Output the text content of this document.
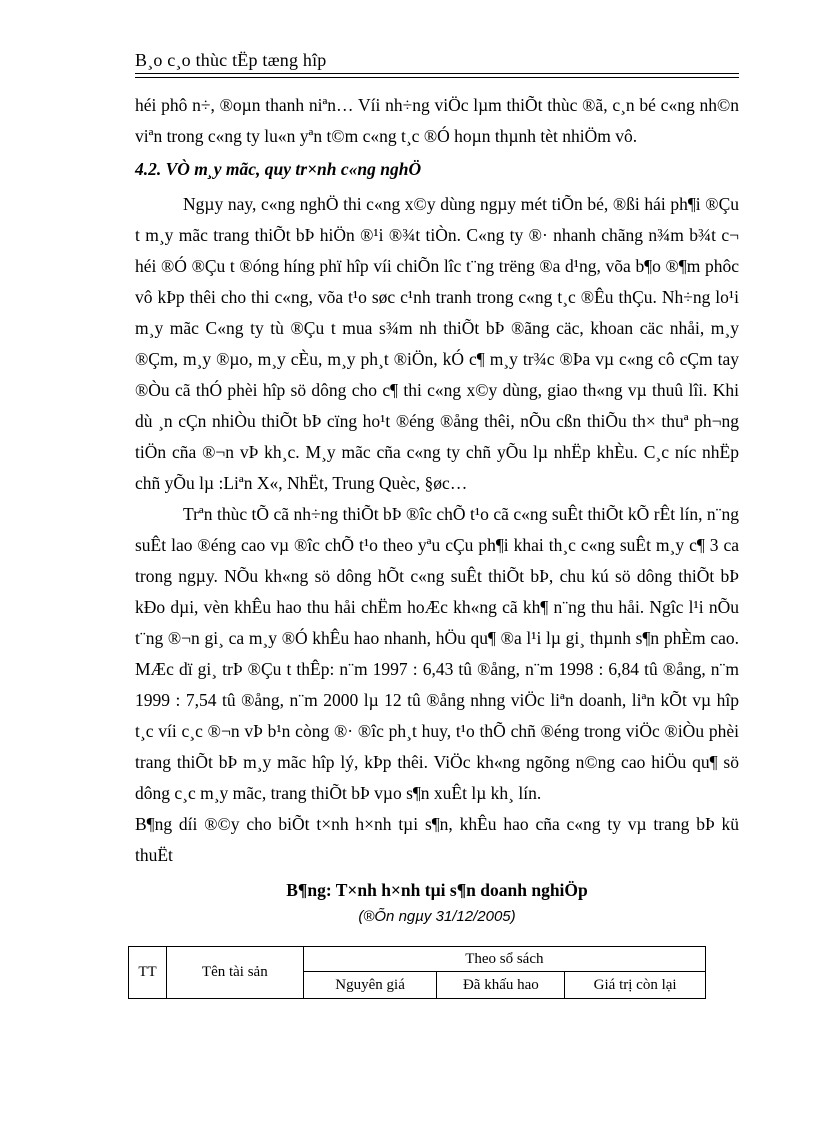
B¸o c¸o thùc tËp tæng hîp

héi phô n÷, ®oµn thanh niªn… Víi nh÷ng viÖc lµm thiÕt thùc ®ã, c¸n bé c«ng nh©n viªn trong c«ng ty lu«n yªn t©m c«ng t¸c ®Ó hoµn thµnh tèt nhiÖm vô.

4.2. VÒ m¸y mãc, quy tr×nh c«ng nghÖ

Ngµy nay, c«ng nghÖ thi c«ng x©y dùng ngµy mét tiÕn bé, ®ßi hái ph¶i ®Çu t m¸y mãc trang thiÕt bÞ hiÖn ®¹i ®¾t tiÒn. C«ng ty ®· nhanh chãng n¾m b¾t c¬ héi ®Ó ®Çu t ®óng híng phï hîp víi chiÕn lîc t¨ng trëng ®a d¹ng, võa b¶o ®¶m phôc vô kÞp thêi cho thi c«ng, võa t¹o søc c¹nh tranh trong c«ng t¸c ®Êu thÇu. Nh÷ng lo¹i m¸y mãc C«ng ty tù ®Çu t mua s¾m nh thiÕt bÞ ®ãng cäc, khoan cäc nhåi, m¸y ®Çm, m¸y ®µo, m¸y cÈu, m¸y ph¸t ®iÖn, kÓ c¶ m¸y tr¾c ®Þa vµ c«ng cô cÇm tay ®Òu cã thÓ phèi hîp sö dông cho c¶ thi c«ng x©y dùng, giao th«ng vµ thuû lîi. Khi dù ¸n cÇn nhiÒu thiÕt bÞ cïng ho¹t ®éng ®ång thêi, nÕu cßn thiÕu th× thuª ph¬ng tiÖn cña ®¬n vÞ kh¸c. M¸y mãc cña c«ng ty chñ yÕu lµ nhËp khÈu. C¸c níc nhËp chñ yÕu lµ :Liªn X«, NhËt, Trung Quèc, §øc…

Trªn thùc tÕ cã nh÷ng thiÕt bÞ ®îc chÕ t¹o cã c«ng suÊt thiÕt kÕ rÊt lín, n¨ng suÊt lao ®éng cao vµ ®îc chÕ t¹o theo yªu cÇu ph¶i khai th¸c c«ng suÊt m¸y c¶ 3 ca trong ngµy. NÕu kh«ng sö dông hÕt c«ng suÊt thiÕt bÞ, chu kú sö dông thiÕt bÞ kÐo dµi, vèn khÊu hao thu håi chËm hoÆc kh«ng cã kh¶ n¨ng thu håi. Ngîc l¹i nÕu t¨ng ®¬n gi¸ ca m¸y ®Ó khÊu hao nhanh, hÖu qu¶ ®a l¹i lµ gi¸ thµnh s¶n phÈm cao. MÆc dï gi¸ trÞ ®Çu t thÊp: n¨m 1997 : 6,43 tû ®ång, n¨m 1998 : 6,84 tû ®ång, n¨m 1999 : 7,54 tû ®ång, n¨m 2000 lµ 12 tû ®ång nhng viÖc liªn doanh, liªn kÕt vµ hîp t¸c víi c¸c ®¬n vÞ b¹n còng ®· ®îc ph¸t huy, t¹o thÕ chñ ®éng trong viÖc ®iÒu phèi trang thiÕt bÞ m¸y mãc hîp lý, kÞp thêi. ViÖc kh«ng ngõng n©ng cao hiÖu qu¶ sö dông c¸c m¸y mãc, trang thiÕt bÞ vµo s¶n xuÊt lµ kh¸ lín.

B¶ng díi ®©y cho biÕt t×nh h×nh tµi s¶n, khÊu hao cña c«ng ty vµ trang bÞ kü thuËt

B¶ng: T×nh h×nh tµi s¶n doanh nghiÖp

(®Õn ngµy 31/12/2005)

TT	Tên tài sản	Theo sổ sách		
		Nguyên giá	Đã khấu hao	Giá trị còn lại
